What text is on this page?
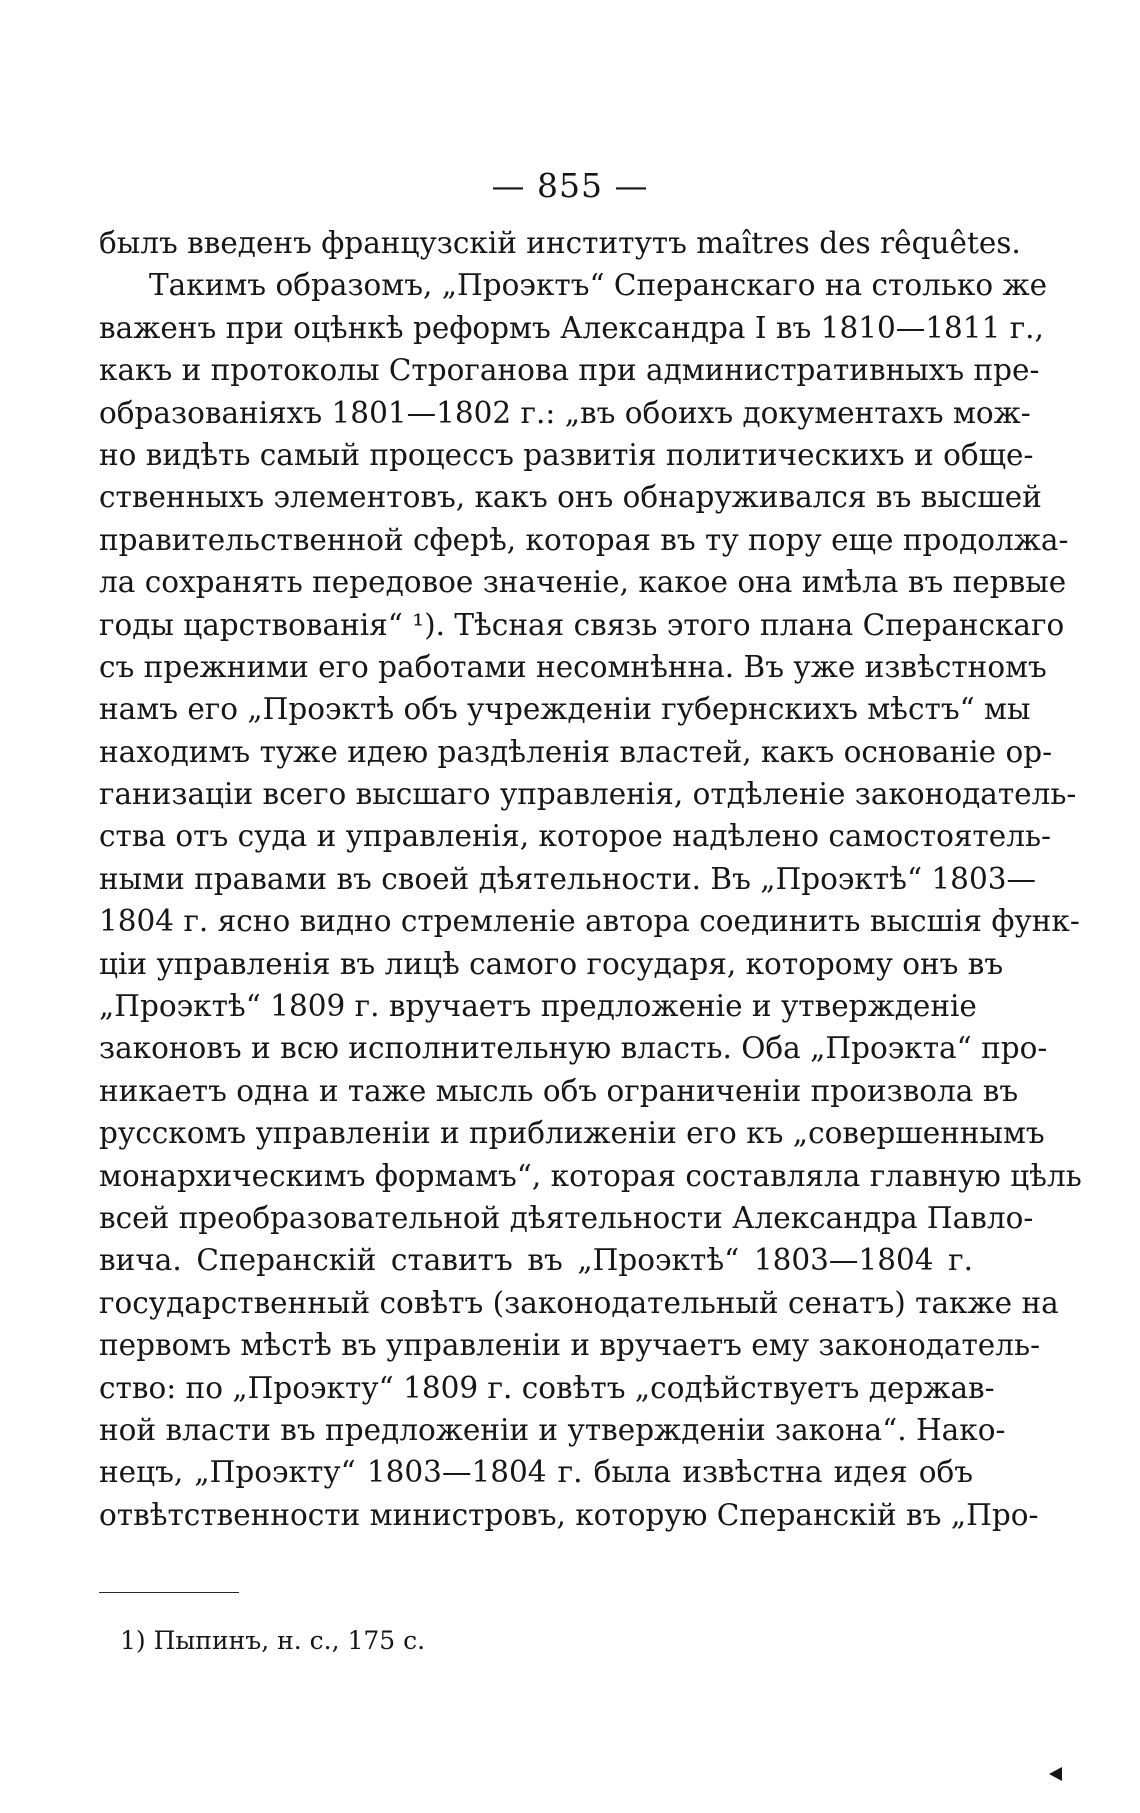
— 855 —
былъ введенъ французскій институтъ maîtres des rêquêtes.
Такимъ образомъ, „Проэктъ“ Сперанскаго на столько же
важенъ при оцѣнкѣ реформъ Александра I въ 1810—1811 г.,
какъ и протоколы Строганова при административныхъ пре-
образованіяхъ 1801—1802 г.: „въ обоихъ документахъ мож-
но видѣть самый процессъ развитія политическихъ и обще-
ственныхъ элементовъ, какъ онъ обнаруживался въ высшей
правительственной сферѣ, которая въ ту пору еще продолжа-
ла сохранять передовое значеніе, какое она имѣла въ первые
годы царствованія“ ¹). Тѣсная связь этого плана Сперанскаго
съ прежними его работами несомнѣнна. Въ уже извѣстномъ
намъ его „Проэктѣ объ учрежденіи губернскихъ мѣстъ“ мы
находимъ туже идею раздѣленія властей, какъ основаніе ор-
ганизаціи всего высшаго управленія, отдѣленіе законодатель-
ства отъ суда и управленія, которое надѣлено самостоятель-
ными правами въ своей дѣятельности. Въ „Проэктѣ“ 1803—
1804 г. ясно видно стремленіе автора соединить высшія функ-
ціи управленія въ лицѣ самого государя, которому онъ въ
„Проэктѣ“ 1809 г. вручаетъ предложеніе и утвержденіе
законовъ и всю исполнительную власть. Оба „Проэкта“ про-
никаетъ одна и таже мысль объ ограниченіи произвола въ
русскомъ управленіи и приближеніи его къ „совершеннымъ
монархическимъ формамъ“, которая составляла главную цѣль
всей преобразовательной дѣятельности Александра Павло-
вича. Сперанскій ставитъ въ „Проэктѣ“ 1803—1804 г.
государственный совѣтъ (законодательный сенатъ) также на
первомъ мѣстѣ въ управленіи и вручаетъ ему законодатель-
ство: по „Проэкту“ 1809 г. совѣтъ „содѣйствуетъ держав-
ной власти въ предложеніи и утвержденіи закона“. Нако-
нецъ, „Проэкту“ 1803—1804 г. была извѣстна идея объ
отвѣтственности министровъ, которую Сперанскій въ „Про-
1) Пыпинъ, н. с., 175 с.
